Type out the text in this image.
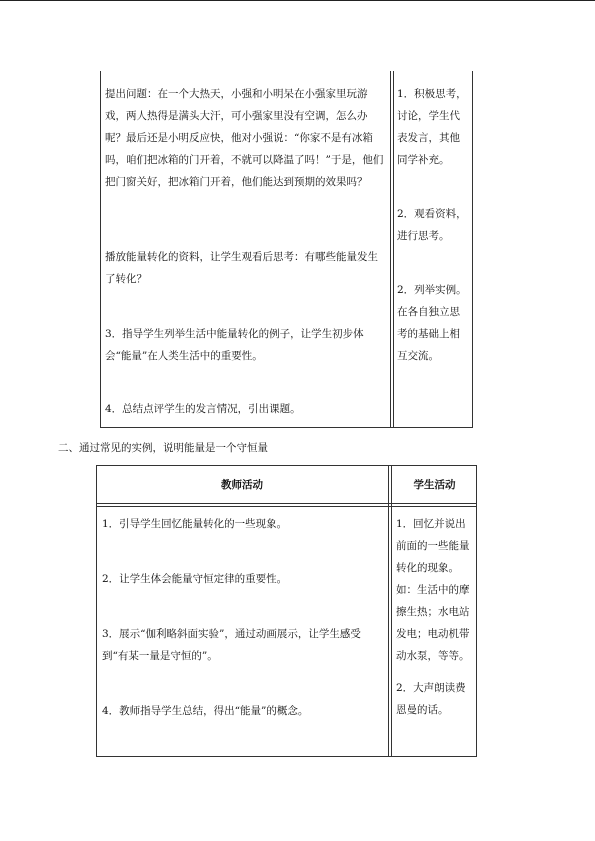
提出问题：在一个大热天，小强和小明呆在小强家里玩游戏，两人热得是满头大汗，可小强家里没有空调，怎么办呢？最后还是小明反应快，他对小强说：“你家不是有冰箱吗，咱们把冰箱的门开着，不就可以降温了吗！”于是，他们把门窗关好，把冰箱门开着，他们能达到预期的效果吗？

播放能量转化的资料，让学生观看后思考：有哪些能量发生了转化？

3．指导学生列举生活中能量转化的例子，让学生初步体会“能量”在人类生活中的重要性。

4．总结点评学生的发言情况，引出课题。

1．积极思考，讨论，学生代表发言，其他同学补充。

2．观看资料，进行思考。

2．列举实例。在各自独立思考的基础上相互交流。

二、通过常见的实例，说明能量是一个守恒量
教师活动	学生活动

1．引导学生回忆能量转化的一些现象。

2．让学生体会能量守恒定律的重要性。

3．展示“伽利略斜面实验”，通过动画展示，让学生感受到“有某一量是守恒的”。

4．教师指导学生总结，得出“能量”的概念。

1．回忆并说出前面的一些能量转化的现象。如：生活中的摩擦生热；水电站发电；电动机带动水泵，等等。

2．大声朗读费恩曼的话。
